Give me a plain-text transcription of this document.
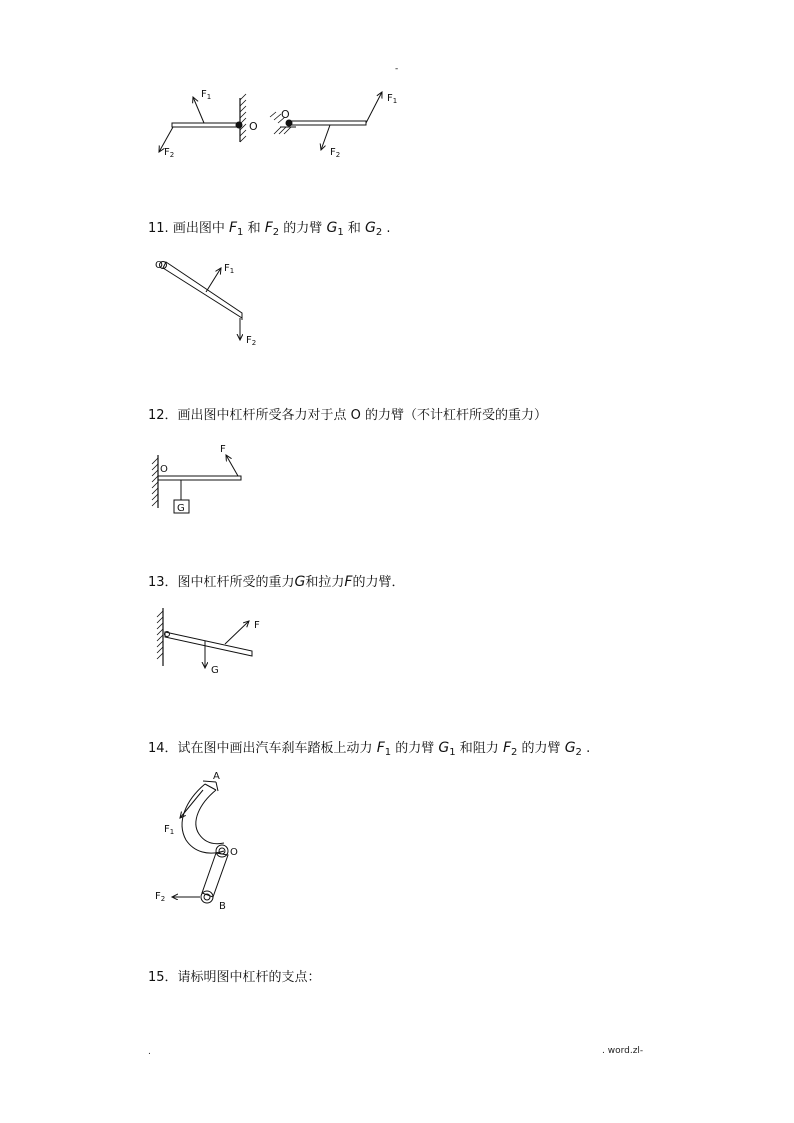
-
$F_1$
$F_2$
O
O
$F_1$
$F_2$
11. 画出图中 $F_1$ 和 $F_2$ 的力臂 $G_1$ 和 $G_2$ .
O	$F_1$
$F_2$
12．画出图中杠杆所受各力对于点 O 的力臂（不计杠杆所受的重力）
O
F
G
13．图中杠杆所受的重力G和拉力F的力臂．
F
G
14．试在图中画出汽车刹车踏板上动力 $F_1$ 的力臂 $G_1$ 和阻力 $F_2$ 的力臂 $G_2$ .
A
$F_1$
O
$F_2$
B
15．请标明图中杠杆的支点：
.	. word.zl-
